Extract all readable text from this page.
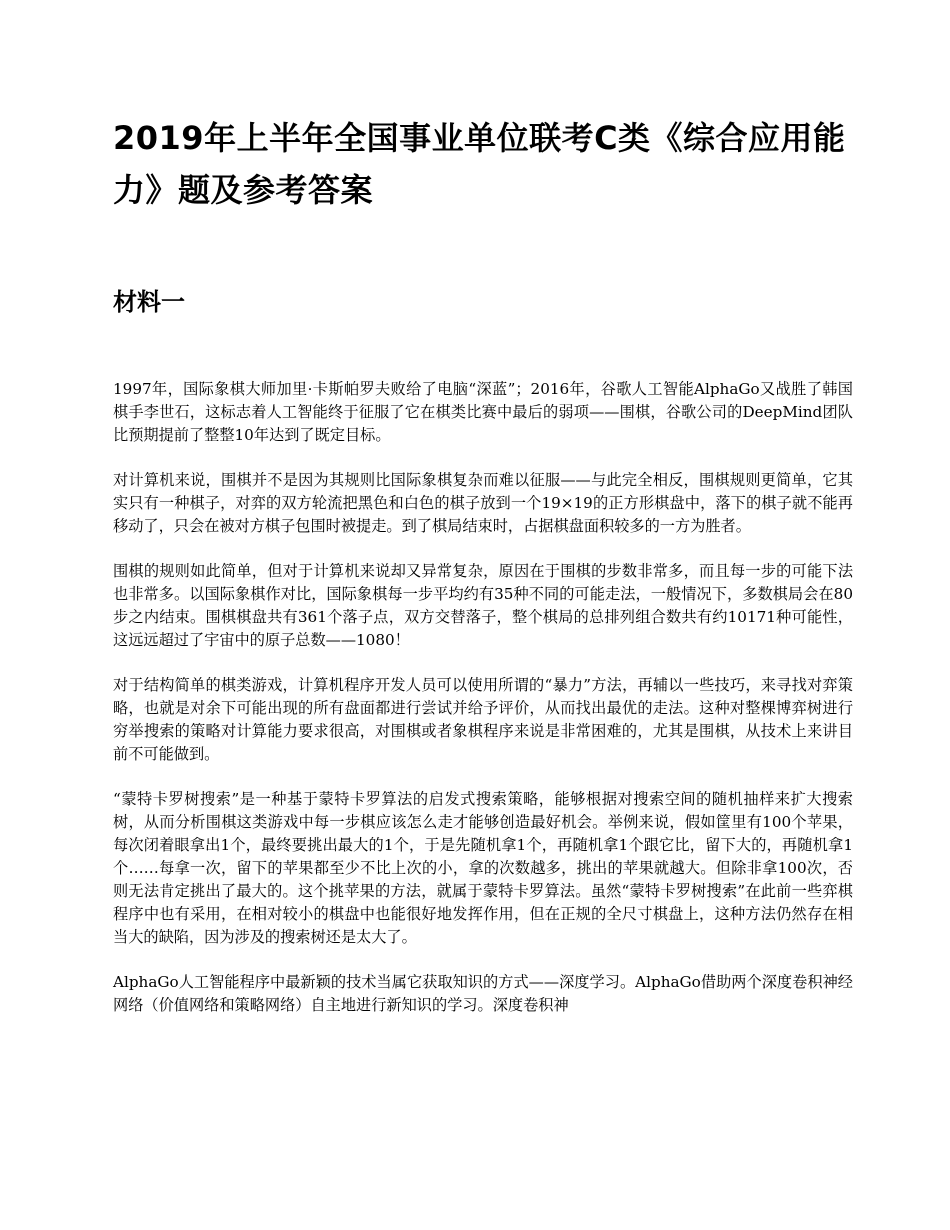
2019年上半年全国事业单位联考C类《综合应用能力》题及参考答案
材料一

1997年，国际象棋大师加里·卡斯帕罗夫败给了电脑“深蓝”；2016年，谷歌人工智能AlphaGo又战胜了韩国棋手李世石，这标志着人工智能终于征服了它在棋类比赛中最后的弱项——围棋，谷歌公司的DeepMind团队比预期提前了整整10年达到了既定目标。

对计算机来说，围棋并不是因为其规则比国际象棋复杂而难以征服——与此完全相反，围棋规则更简单，它其实只有一种棋子，对弈的双方轮流把黑色和白色的棋子放到一个19×19的正方形棋盘中，落下的棋子就不能再移动了，只会在被对方棋子包围时被提走。到了棋局结束时，占据棋盘面积较多的一方为胜者。

围棋的规则如此简单，但对于计算机来说却又异常复杂，原因在于围棋的步数非常多，而且每一步的可能下法也非常多。以国际象棋作对比，国际象棋每一步平均约有35种不同的可能走法，一般情况下，多数棋局会在80步之内结束。围棋棋盘共有361个落子点，双方交替落子，整个棋局的总排列组合数共有约10171种可能性，这远远超过了宇宙中的原子总数——1080！

对于结构简单的棋类游戏，计算机程序开发人员可以使用所谓的“暴力”方法，再辅以一些技巧，来寻找对弈策略，也就是对余下可能出现的所有盘面都进行尝试并给予评价，从而找出最优的走法。这种对整棵博弈树进行穷举搜索的策略对计算能力要求很高，对围棋或者象棋程序来说是非常困难的，尤其是围棋，从技术上来讲目前不可能做到。

“蒙特卡罗树搜索”是一种基于蒙特卡罗算法的启发式搜索策略，能够根据对搜索空间的随机抽样来扩大搜索树，从而分析围棋这类游戏中每一步棋应该怎么走才能够创造最好机会。举例来说，假如筐里有100个苹果，每次闭着眼拿出1个，最终要挑出最大的1个，于是先随机拿1个，再随机拿1个跟它比，留下大的，再随机拿1个……每拿一次，留下的苹果都至少不比上次的小，拿的次数越多，挑出的苹果就越大。但除非拿100次，否则无法肯定挑出了最大的。这个挑苹果的方法，就属于蒙特卡罗算法。虽然“蒙特卡罗树搜索”在此前一些弈棋程序中也有采用，在相对较小的棋盘中也能很好地发挥作用，但在正规的全尺寸棋盘上，这种方法仍然存在相当大的缺陷，因为涉及的搜索树还是太大了。

AlphaGo人工智能程序中最新颖的技术当属它获取知识的方式——深度学习。AlphaGo借助两个深度卷积神经网络（价值网络和策略网络）自主地进行新知识的学习。深度卷积神
